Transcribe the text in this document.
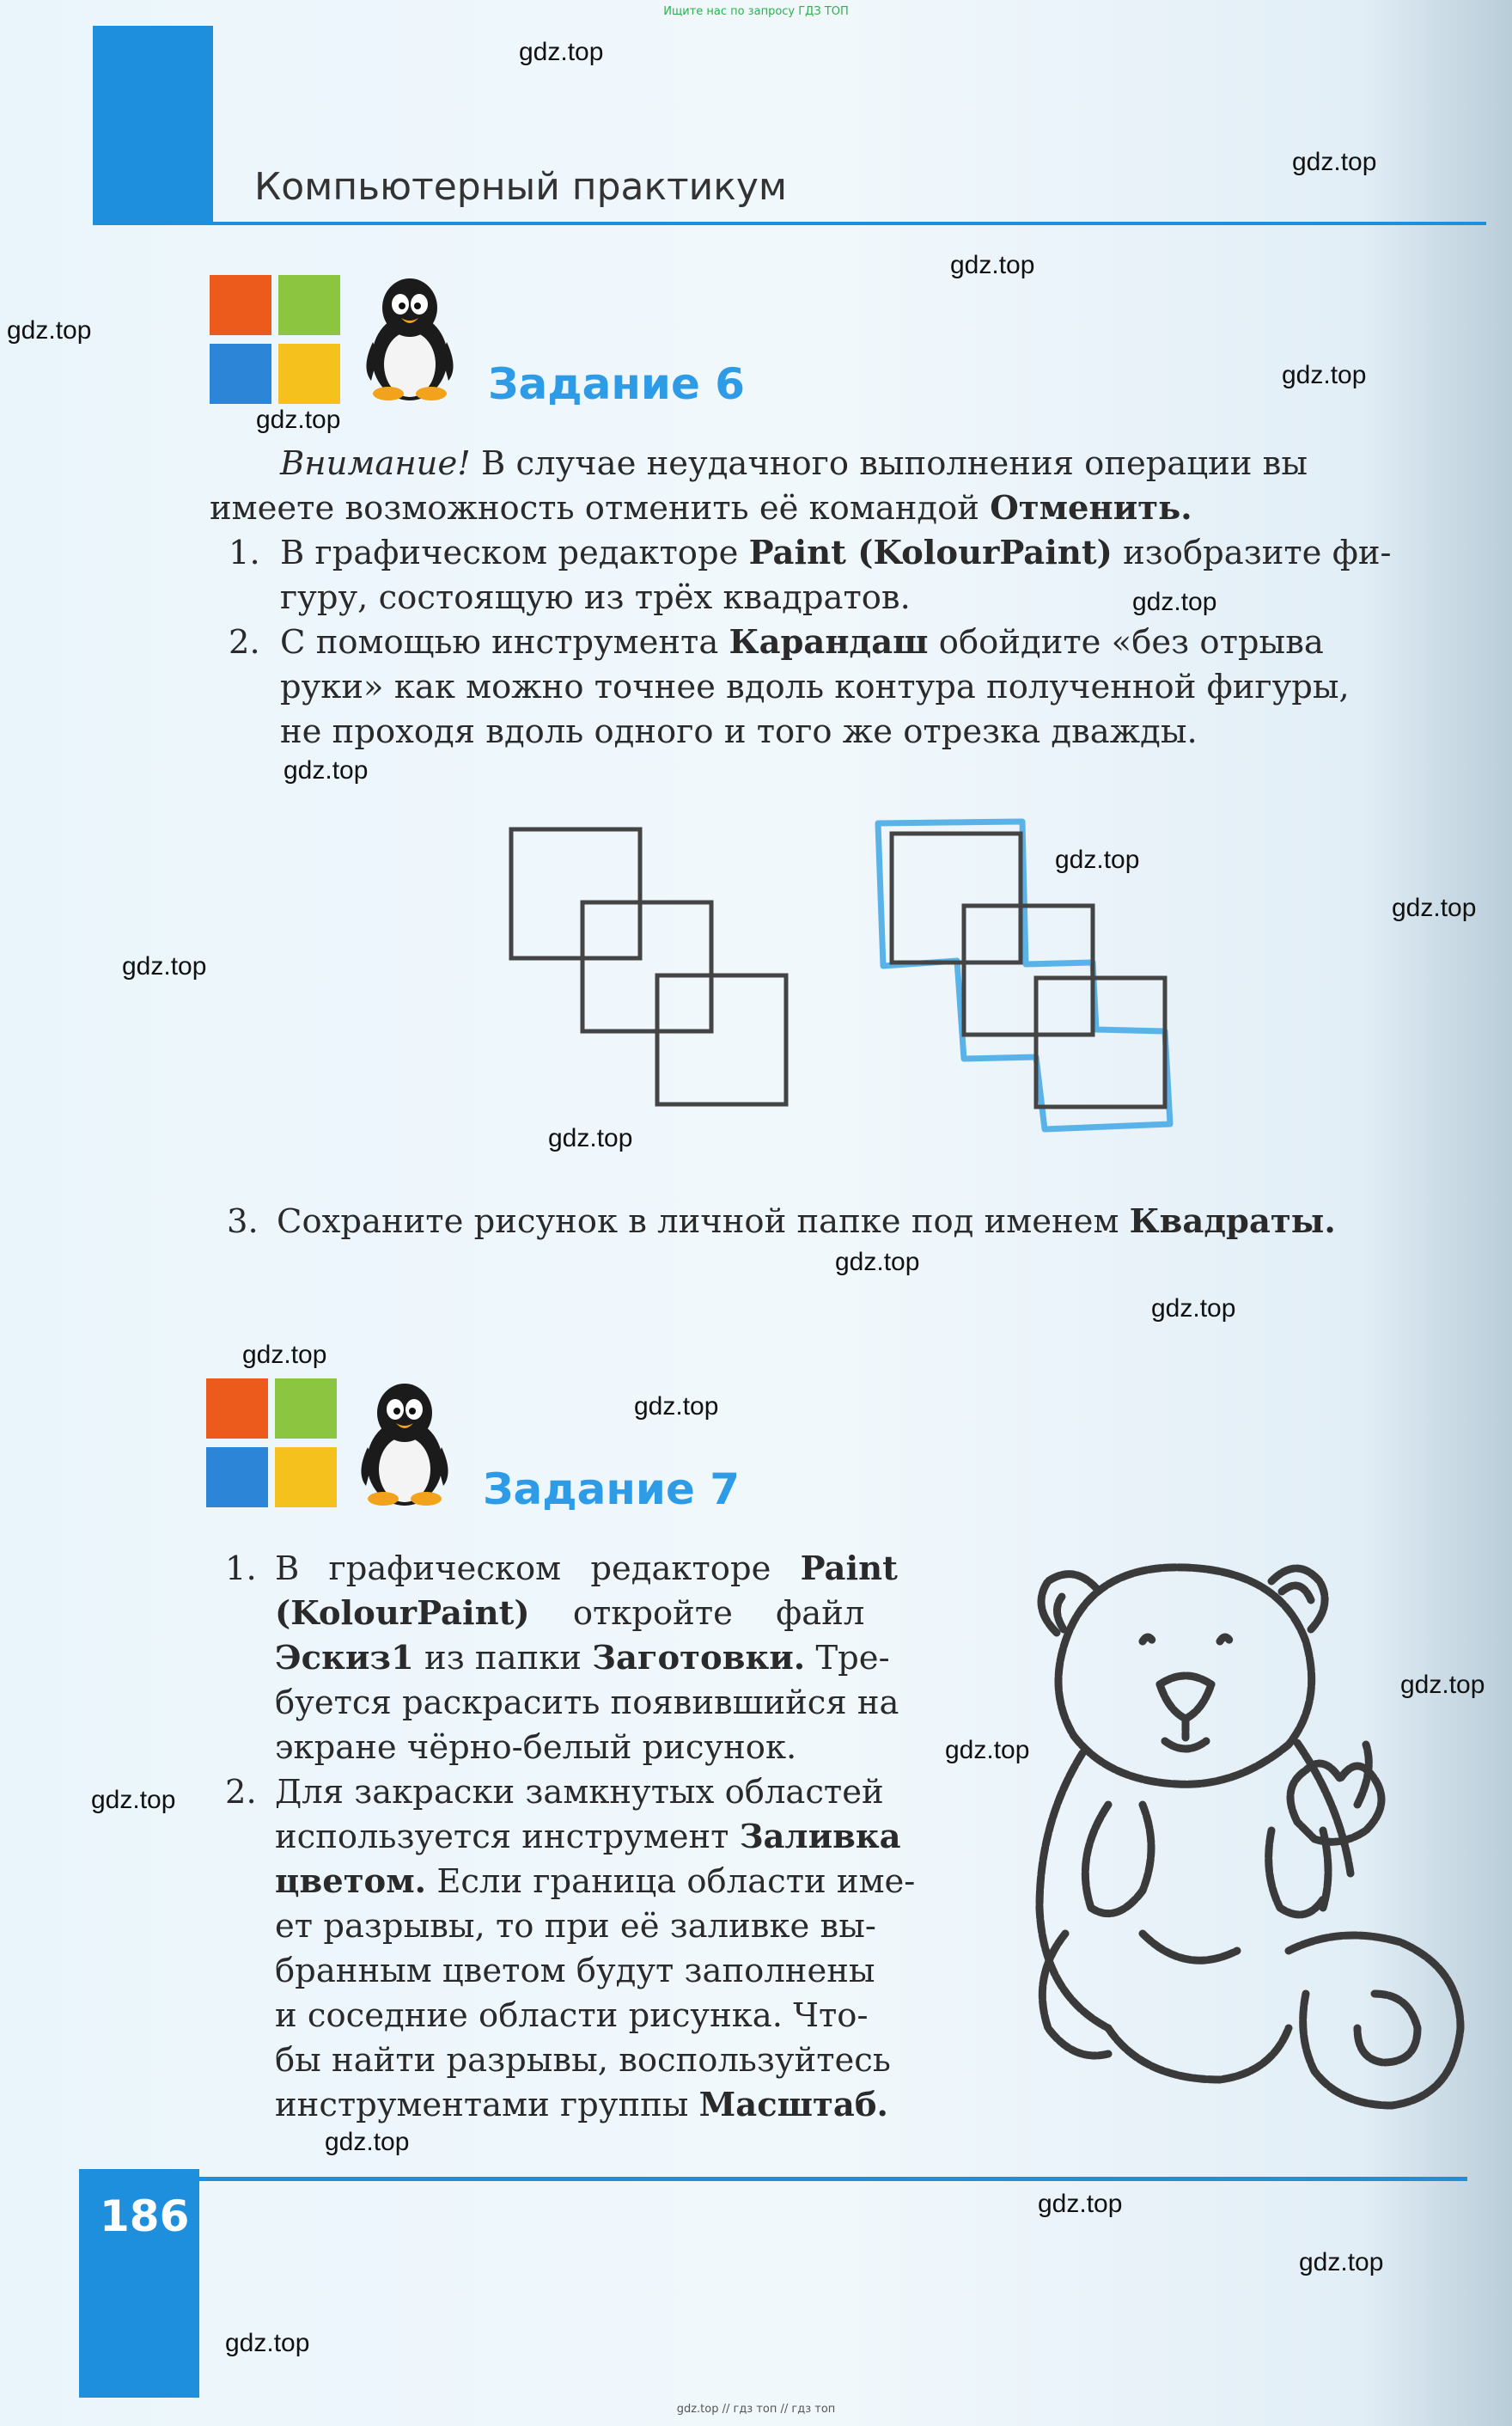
Ищите нас по запросу ГДЗ ТОП
Компьютерный практикум
Задание 6
Внимание! В случае неудачного выполнения операции вы
имеете возможность отменить её командой Отменить.
1. В графическом редакторе Paint (KolourPaint) изобразите фи-
гуру, состоящую из трёх квадратов.
2. С помощью инструмента Карандаш обойдите «без отрыва
руки» как можно точнее вдоль контура полученной фигуры,
не проходя вдоль одного и того же отрезка дважды.
3. Сохраните рисунок в личной папке под именем Квадраты.
Задание 7
1. В графическом редакторе Paint
(KolourPaint) откройте файл
Эскиз1 из папки Заготовки. Тре-
буется раскрасить появившийся на
экране чёрно-белый рисунок.
2. Для закраски замкнутых областей
используется инструмент Заливка
цветом. Если граница области име-
ет разрывы, то при её заливке вы-
бранным цветом будут заполнены
и соседние области рисунка. Что-
бы найти разрывы, воспользуйтесь
инструментами группы Масштаб.
186
gdz.top
gdz.top
gdz.top
gdz.top
gdz.top
gdz.top
gdz.top
gdz.top
gdz.top
gdz.top
gdz.top
gdz.top
gdz.top
gdz.top
gdz.top
gdz.top
gdz.top
gdz.top
gdz.top
gdz.top
gdz.top
gdz.top
gdz.top
gdz.top // гдз топ // гдз топ
